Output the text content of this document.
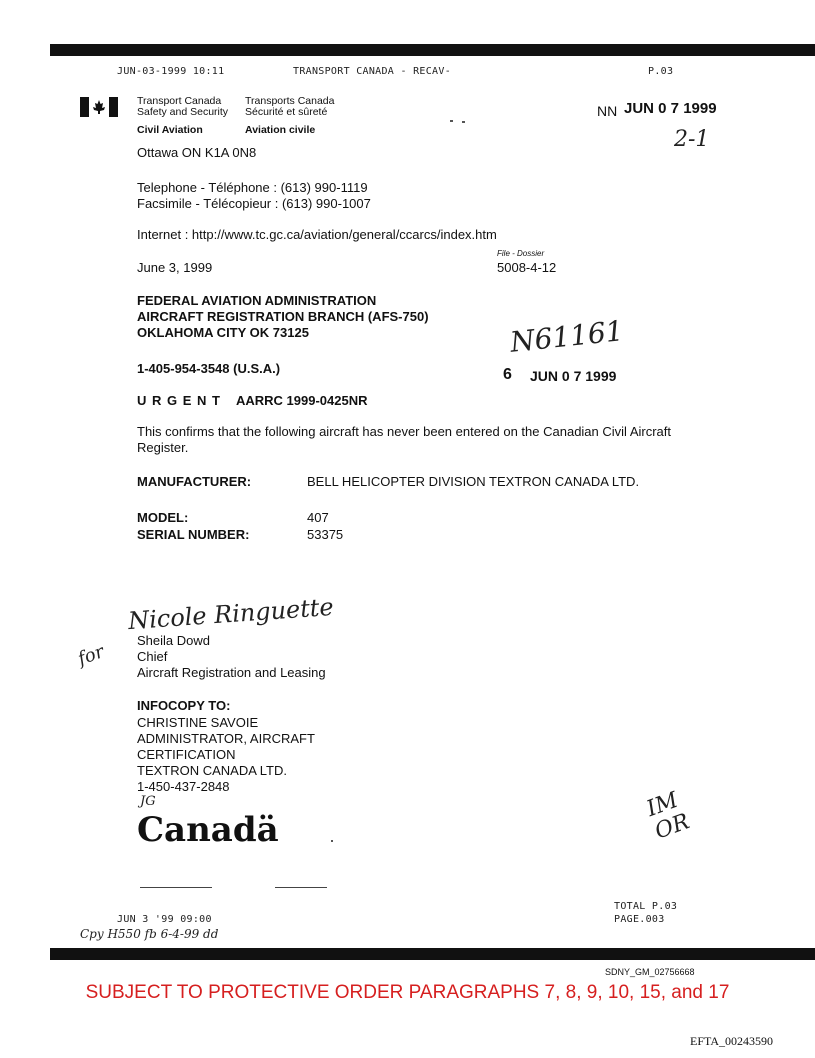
JUN-03-1999 10:11	TRANSPORT CANADA - RECAV-	P.03
Transport Canada
Safety and Security
Civil Aviation
Transports Canada
Sécurité et sûreté
Aviation civile
Ottawa ON K1A 0N8
NN JUN 0 7 1999
2-1
Telephone - Téléphone : (613) 990-1119
Facsimile - Télécopieur : (613) 990-1007
Internet : http://www.tc.gc.ca/aviation/general/ccarcs/index.htm
File - Dossier
June 3, 1999	5008-4-12
FEDERAL AVIATION ADMINISTRATION
AIRCRAFT REGISTRATION BRANCH (AFS-750)
OKLAHOMA CITY OK 73125	N61161
1-405-954-3548 (U.S.A.)	6 JUN 0 7 1999
U R G E N T AARRC 1999-0425NR
This confirms that the following aircraft has never been entered on the Canadian Civil Aircraft Register.
MANUFACTURER:	BELL HELICOPTER DIVISION TEXTRON CANADA LTD.
MODEL:	407
SERIAL NUMBER:	53375
Nicole Ringuette
for
Sheila Dowd
Chief
Aircraft Registration and Leasing
INFOCOPY TO:
CHRISTINE SAVOIE
ADMINISTRATOR, AIRCRAFT
CERTIFICATION
TEXTRON CANADA LTD.
1-450-437-2848
JG
Canadä
IM OR
TOTAL P.03
PAGE.003
JUN 3 '99 09:00
Cpy H550 fb 6-4-99 dd
SDNY_GM_02756668
SUBJECT TO PROTECTIVE ORDER PARAGRAPHS 7, 8, 9, 10, 15, and 17
EFTA_00243590
